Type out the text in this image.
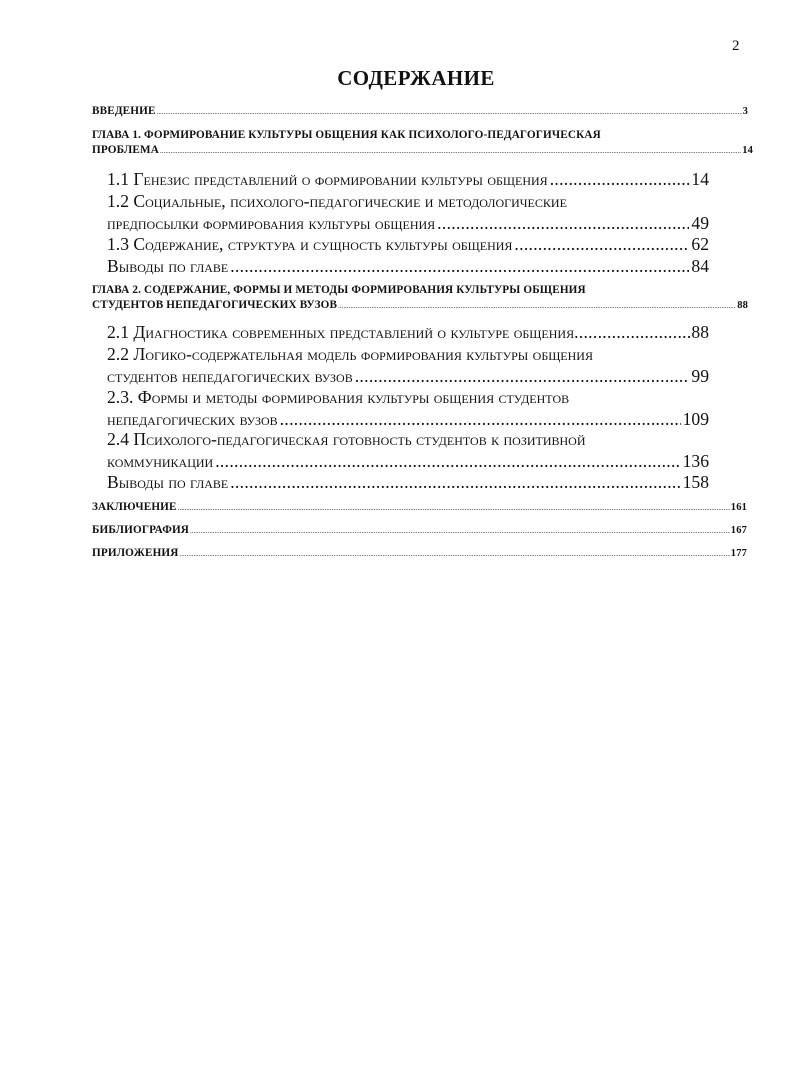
2
СОДЕРЖАНИЕ
ВВЕДЕНИЕ .....	3
ГЛАВА 1. ФОРМИРОВАНИЕ КУЛЬТУРЫ ОБЩЕНИЯ КАК ПСИХОЛОГО-ПЕДАГОГИЧЕСКАЯ
ПРОБЛЕМА .....	14
1.1 Генезис представлений о формировании культуры общения .....	14
1.2 Социальные, психолого-педагогические и методологические
предпосылки формирования культуры общения .....	49
1.3 Содержание, структура и сущность культуры общения .....	62
Выводы по главе .....	84
ГЛАВА 2. СОДЕРЖАНИЕ, ФОРМЫ И МЕТОДЫ ФОРМИРОВАНИЯ КУЛЬТУРЫ ОБЩЕНИЯ
СТУДЕНТОВ НЕПЕДАГОГИЧЕСКИХ ВУЗОВ .....	88
2.1 Диагностика современных представлений о культуре общения .....	88
2.2 Логико-содержательная модель формирования культуры общения
студентов непедагогических вузов .....	99
2.3. Формы и методы формирования культуры общения студентов
непедагогических вузов .....	109
2.4 Психолого-педагогическая готовность студентов к позитивной
коммуникации .....	136
Выводы по главе .....	158
ЗАКЛЮЧЕНИЕ .....	161
БИБЛИОГРАФИЯ .....	167
ПРИЛОЖЕНИЯ .....	177
